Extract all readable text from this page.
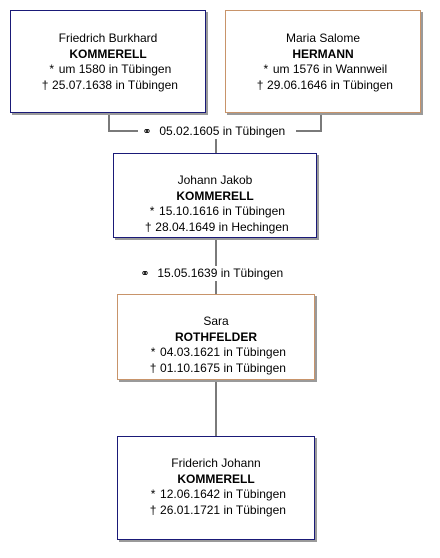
⚭ 05.02.1605 in Tübingen
⚭ 15.05.1639 in Tübingen
Friedrich Burkhard
KOMMERELL
* um 1580 in Tübingen
† 25.07.1638 in Tübingen
Maria Salome
HERMANN
* um 1576 in Wannweil
† 29.06.1646 in Tübingen
Johann Jakob
KOMMERELL
* 15.10.1616 in Tübingen
† 28.04.1649 in Hechingen
Sara
ROTHFELDER
* 04.03.1621 in Tübingen
† 01.10.1675 in Tübingen
Friderich Johann
KOMMERELL
* 12.06.1642 in Tübingen
† 26.01.1721 in Tübingen
